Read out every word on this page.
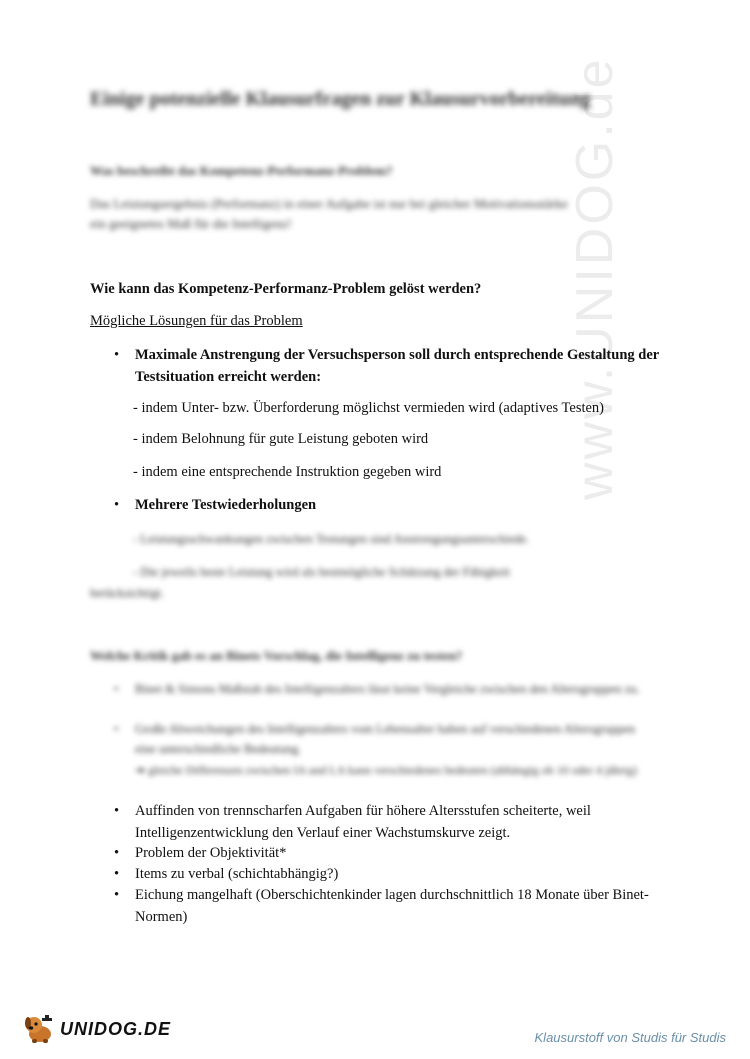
www.UNIDOG.de
Einige potenzielle Klausurfragen zur Klausurvorbereitung
Was beschreibt das Kompetenz-Performanz-Problem?
Das Leistungsergebnis (Performanz) in einer Aufgabe ist nur bei gleicher Motivationsstärke
ein geeignetes Maß für die Intelligenz!
Wie kann das Kompetenz-Performanz-Problem gelöst werden?
Mögliche Lösungen für das Problem
• Maximale Anstrengung der Versuchsperson soll durch entsprechende Gestaltung der Testsituation erreicht werden:
- indem Unter- bzw. Überforderung möglichst vermieden wird (adaptives Testen)
- indem Belohnung für gute Leistung geboten wird
- indem eine entsprechende Instruktion gegeben wird
• Mehrere Testwiederholungen
- Leistungsschwankungen zwischen Testungen sind Anstrengungsunterschiede.
- Die jeweils beste Leistung wird als bestmögliche Schätzung der Fähigkeit
berücksichtigt.
Welche Kritik gab es an Binets Vorschlag, die Intelligenz zu testen?
• Binet & Simons Maßstab des Intelligenzalters lässt keine Vergleiche zwischen den Altersgruppen zu.
• Große Abweichungen des Intelligenzalters vom Lebensalter haben auf verschiedenen Altersgruppen eine unterschiedliche Bedeutung.
➔ gleiche Differenzen zwischen IA und LA kann verschiedenes bedeuten (abhängig ob 10 oder 4 jährig)
• Auffinden von trennscharfen Aufgaben für höhere Altersstufen scheiterte, weil Intelligenzentwicklung den Verlauf einer Wachstumskurve zeigt.
• Problem der Objektivität*
• Items zu verbal (schichtabhängig?)
• Eichung mangelhaft (Oberschichtenkinder lagen durchschnittlich 18 Monate über Binet-Normen)
UNIDOG.DE	Klausurstoff von Studis für Studis
